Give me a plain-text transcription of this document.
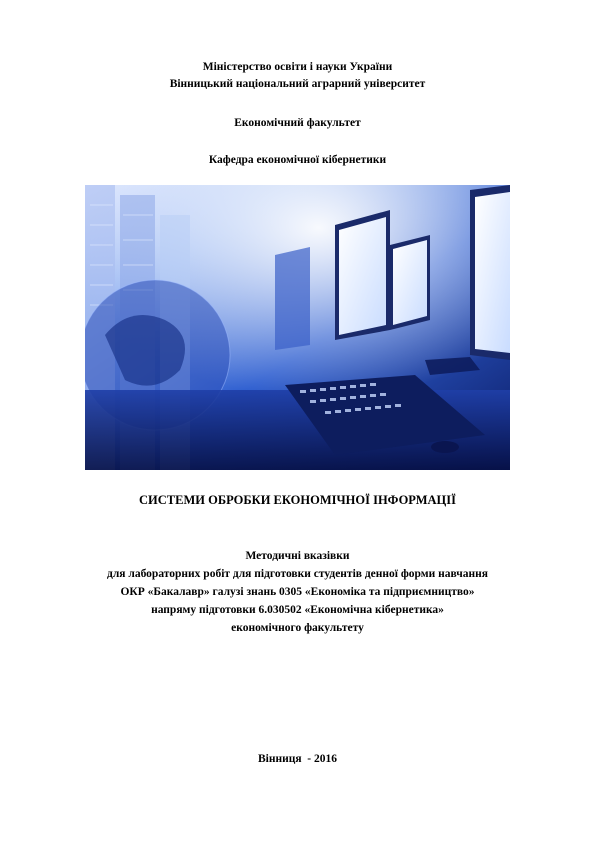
Міністерство освіти і науки України
Вінницький національний аграрний університет
Економічний факультет
Кафедра економічної кібернетики
СИСТЕМИ ОБРОБКИ ЕКОНОМІЧНОЇ ІНФОРМАЦІЇ
Методичні вказівки
для лабораторних робіт для підготовки студентів денної форми навчання
ОКР «Бакалавр» галузі знань 0305 «Економіка та підприємництво»
напряму підготовки 6.030502 «Економічна кібернетика»
економічного факультету
Вінниця  - 2016
